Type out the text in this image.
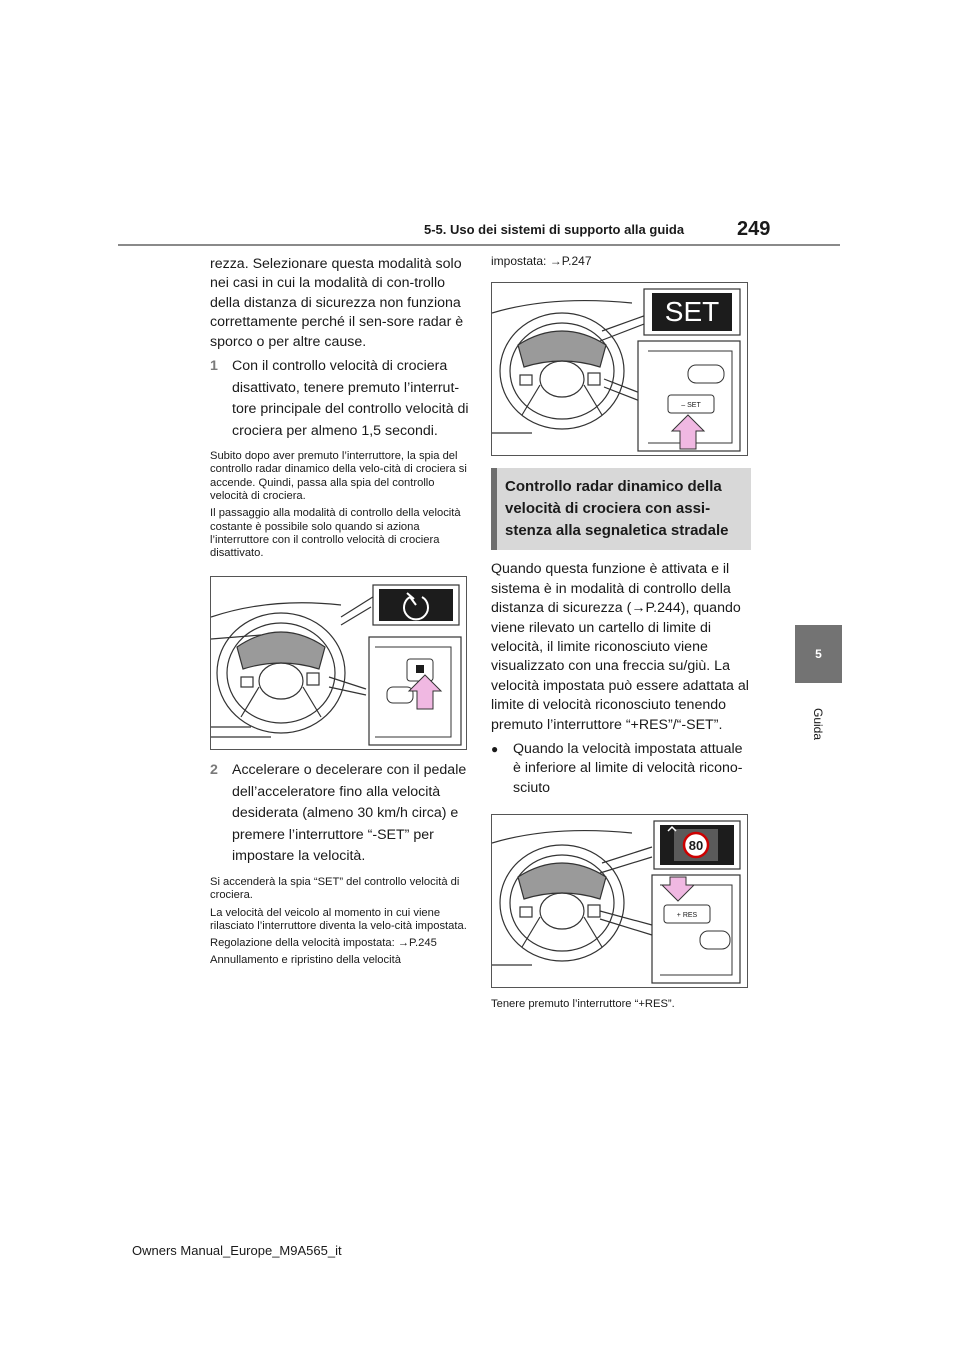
5-5. Uso dei sistemi di supporto alla guida	249
5
Guida

rezza. Selezionare questa modalità solo nei casi in cui la modalità di con-trollo della distanza di sicurezza non funziona correttamente perché il sen-sore radar è sporco o per altre cause.

1 Con il controllo velocità di crociera disattivato, tenere premuto l’interrut-tore principale del controllo velocità di crociera per almeno 1,5 secondi.

Subito dopo aver premuto l’interruttore, la spia del controllo radar dinamico della velo-cità di crociera si accende. Quindi, passa alla spia del controllo velocità di crociera.

Il passaggio alla modalità di controllo della velocità costante è possibile solo quando si aziona l’interruttore con il controllo velocità di crociera disattivato.

2 Accelerare o decelerare con il pedale dell’acceleratore fino alla velocità desiderata (almeno 30 km/h circa) e premere l’interruttore “-SET” per impostare la velocità.

Si accenderà la spia “SET” del controllo velocità di crociera.

La velocità del veicolo al momento in cui viene rilasciato l’interruttore diventa la velo-cità impostata.

Regolazione della velocità impostata: →P.245

Annullamento e ripristino della velocità

impostata: →P.247

SET
– SET
Controllo radar dinamico della velocità di crociera con assi-stenza alla segnaletica stradale

Quando questa funzione è attivata e il sistema è in modalità di controllo della distanza di sicurezza (→P.244), quando viene rilevato un cartello di limite di velocità, il limite riconosciuto viene visualizzato con una freccia su/giù. La velocità impostata può essere adattata al limite di velocità riconosciuto tenendo premuto l’interruttore “+RES”/“-SET”.

●	Quando la velocità impostata attuale è inferiore al limite di velocità ricono-sciuto
80
+ RES

Tenere premuto l’interruttore “+RES”.

Owners Manual_Europe_M9A565_it
